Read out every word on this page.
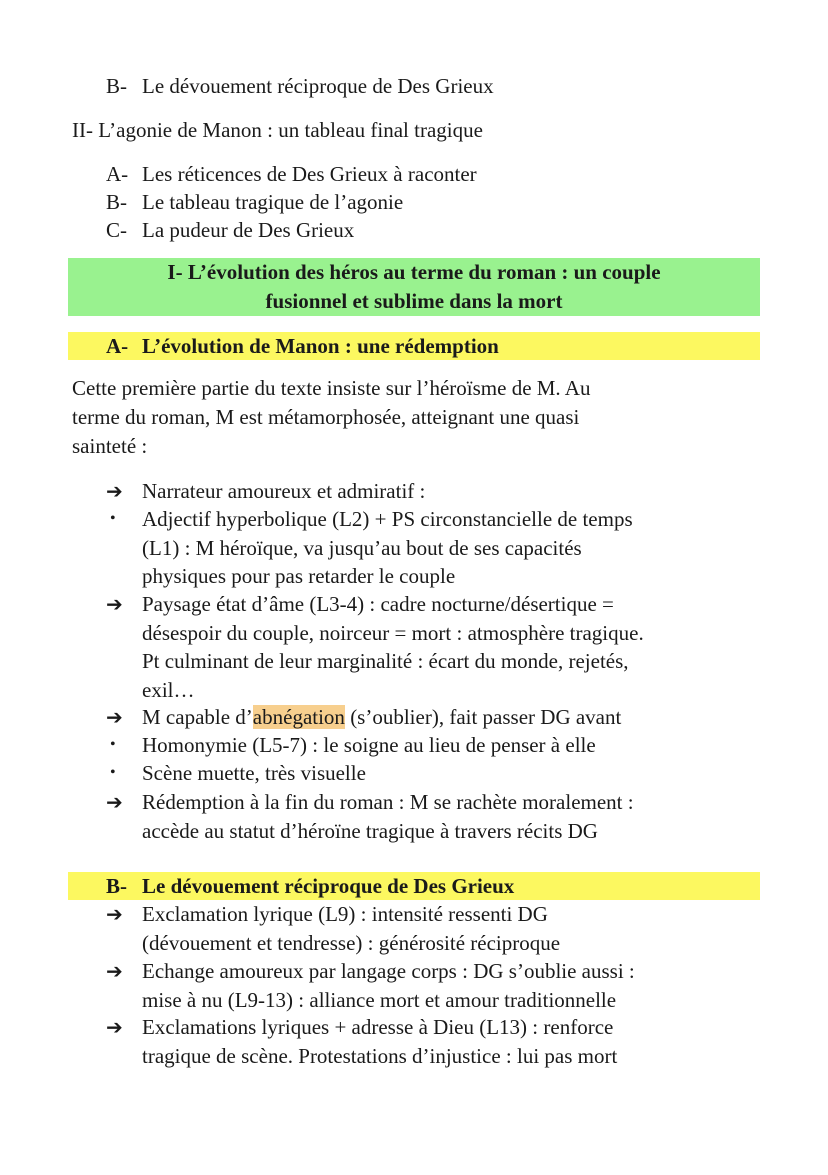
B- Le dévouement réciproque de Des Grieux
II- L’agonie de Manon : un tableau final tragique
A- Les réticences de Des Grieux à raconter
B- Le tableau tragique de l’agonie
C- La pudeur de Des Grieux
I- L’évolution des héros au terme du roman : un couple
fusionnel et sublime dans la mort
A- L’évolution de Manon : une rédemption
Cette première partie du texte insiste sur l’héroïsme de M. Au
terme du roman, M est métamorphosée, atteignant une quasi
sainteté :
➔ Narrateur amoureux et admiratif :
•	Adjectif hyperbolique (L2) + PS circonstancielle de temps
(L1) : M héroïque, va jusqu’au bout de ses capacités
physiques pour pas retarder le couple
➔ Paysage état d’âme (L3-4) : cadre nocturne/désertique =
désespoir du couple, noirceur = mort : atmosphère tragique.
Pt culminant de leur marginalité : écart du monde, rejetés,
exil…
➔ M capable d’abnégation (s’oublier), fait passer DG avant
•	Homonymie (L5-7) : le soigne au lieu de penser à elle
•	Scène muette, très visuelle
➔ Rédemption à la fin du roman : M se rachète moralement :
accède au statut d’héroïne tragique à travers récits DG
B- Le dévouement réciproque de Des Grieux
➔ Exclamation lyrique (L9) : intensité ressenti DG
(dévouement et tendresse) : générosité réciproque
➔ Echange amoureux par langage corps : DG s’oublie aussi :
mise à nu (L9-13) : alliance mort et amour traditionnelle
➔ Exclamations lyriques + adresse à Dieu (L13) : renforce
tragique de scène. Protestations d’injustice : lui pas mort
